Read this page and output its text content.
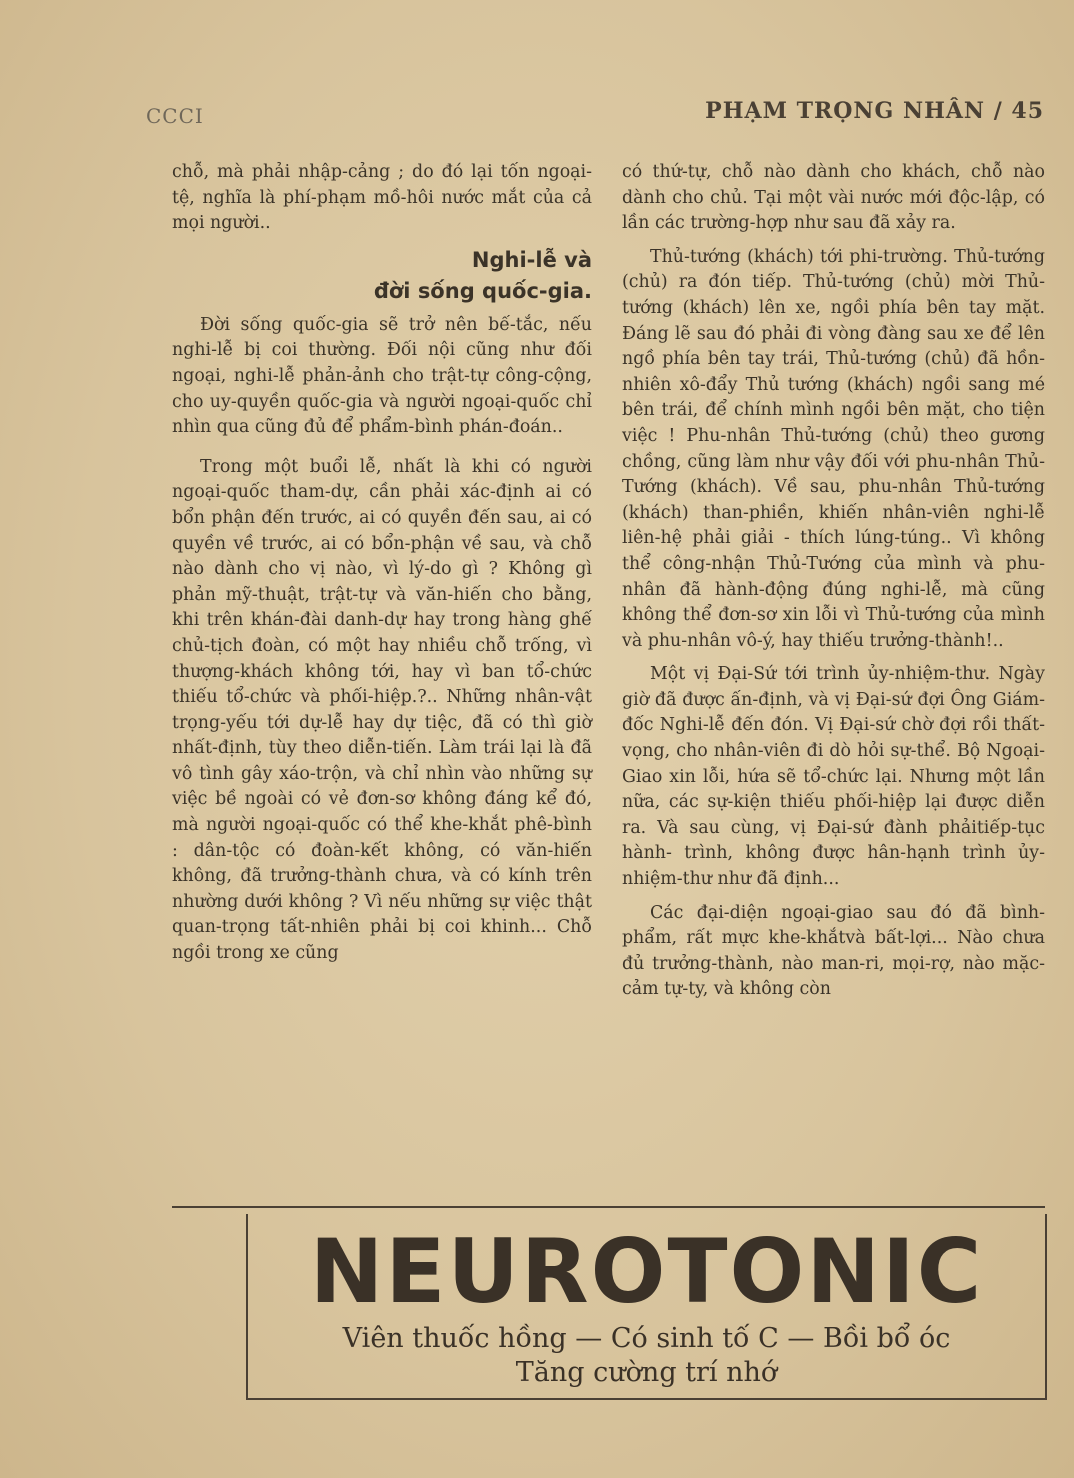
CCCI	PHẠM TRỌNG NHÂN / 45

chỗ, mà phải nhập-cảng ; do đó lại tốn ngoại-tệ, nghĩa là phí-phạm mồ-hôi nước mắt của cả mọi người..

Nghi-lễ và
đời sống quốc-gia.

Đời sống quốc-gia sẽ trở nên bế-tắc, nếu nghi-lễ bị coi thường. Đối nội cũng như đối ngoại, nghi-lễ phản-ảnh cho trật-tự công-cộng, cho uy-quyền quốc-gia và người ngoại-quốc chỉ nhìn qua cũng đủ để phẩm-bình phán-đoán..

Trong một buổi lễ, nhất là khi có người ngoại-quốc tham-dự, cần phải xác-định ai có bổn phận đến trước, ai có quyền đến sau, ai có quyền về trước, ai có bổn-phận về sau, và chỗ nào dành cho vị nào, vì lý-do gì ? Không gì phản mỹ-thuật, trật-tự và văn-hiến cho bằng, khi trên khán-đài danh-dự hay trong hàng ghế chủ-tịch đoàn, có một hay nhiều chỗ trống, vì thượng-khách không tới, hay vì ban tổ-chức thiếu tổ-chức và phối-hiệp.?.. Những nhân-vật trọng-yếu tới dự-lễ hay dự tiệc, đã có thì giờ nhất-định, tùy theo diễn-tiến. Làm trái lại là đã vô tình gây xáo-trộn, và chỉ nhìn vào những sự việc bề ngoài có vẻ đơn-sơ không đáng kể đó, mà người ngoại-quốc có thể khe-khắt phê-bình : dân-tộc có đoàn-kết không, có văn-hiến không, đã trưởng-thành chưa, và có kính trên nhường dưới không ? Vì nếu những sự việc thật quan-trọng tất-nhiên phải bị coi khinh... Chỗ ngồi trong xe cũng

có thứ-tự, chỗ nào dành cho khách, chỗ nào dành cho chủ. Tại một vài nước mới độc-lập, có lần các trường-hợp như sau đã xảy ra.

Thủ-tướng (khách) tới phi-trường. Thủ-tướng (chủ) ra đón tiếp. Thủ-tướng (chủ) mời Thủ-tướng (khách) lên xe, ngồi phía bên tay mặt. Đáng lẽ sau đó phải đi vòng đàng sau xe để lên ngồ phía bên tay trái, Thủ-tướng (chủ) đã hồn-nhiên xô-đẩy Thủ tướng (khách) ngồi sang mé bên trái, để chính mình ngồi bên mặt, cho tiện việc ! Phu-nhân Thủ-tướng (chủ) theo gương chồng, cũng làm như vậy đối với phu-nhân Thủ-Tướng (khách). Về sau, phu-nhân Thủ-tướng (khách) than-phiền, khiến nhân-viên nghi-lễ liên-hệ phải giải - thích lúng-túng.. Vì không thể công-nhận Thủ-Tướng của mình và phu-nhân đã hành-động đúng nghi-lễ, mà cũng không thể đơn-sơ xin lỗi vì Thủ-tướng của mình và phu-nhân vô-ý, hay thiếu trưởng-thành!..

Một vị Đại-Sứ tới trình ủy-nhiệm-thư. Ngày giờ đã được ấn-định, và vị Đại-sứ đợi Ông Giám-đốc Nghi-lễ đến đón. Vị Đại-sứ chờ đợi rồi thất-vọng, cho nhân-viên đi dò hỏi sự-thể. Bộ Ngoại-Giao xin lỗi, hứa sẽ tổ-chức lại. Nhưng một lần nữa, các sự-kiện thiếu phối-hiệp lại được diễn ra. Và sau cùng, vị Đại-sứ đành phảitiếp-tục hành- trình, không được hân-hạnh trình ủy-nhiệm-thư như đã định...

Các đại-diện ngoại-giao sau đó đã bình-phẩm, rất mực khe-khắtvà bất-lợi... Nào chưa đủ trưởng-thành, nào man-ri, mọi-rợ, nào mặc-cảm tự-ty, và không còn

NEUROTONIC
Viên thuốc hồng — Có sinh tố C — Bồi bổ óc
Tăng cường trí nhớ
